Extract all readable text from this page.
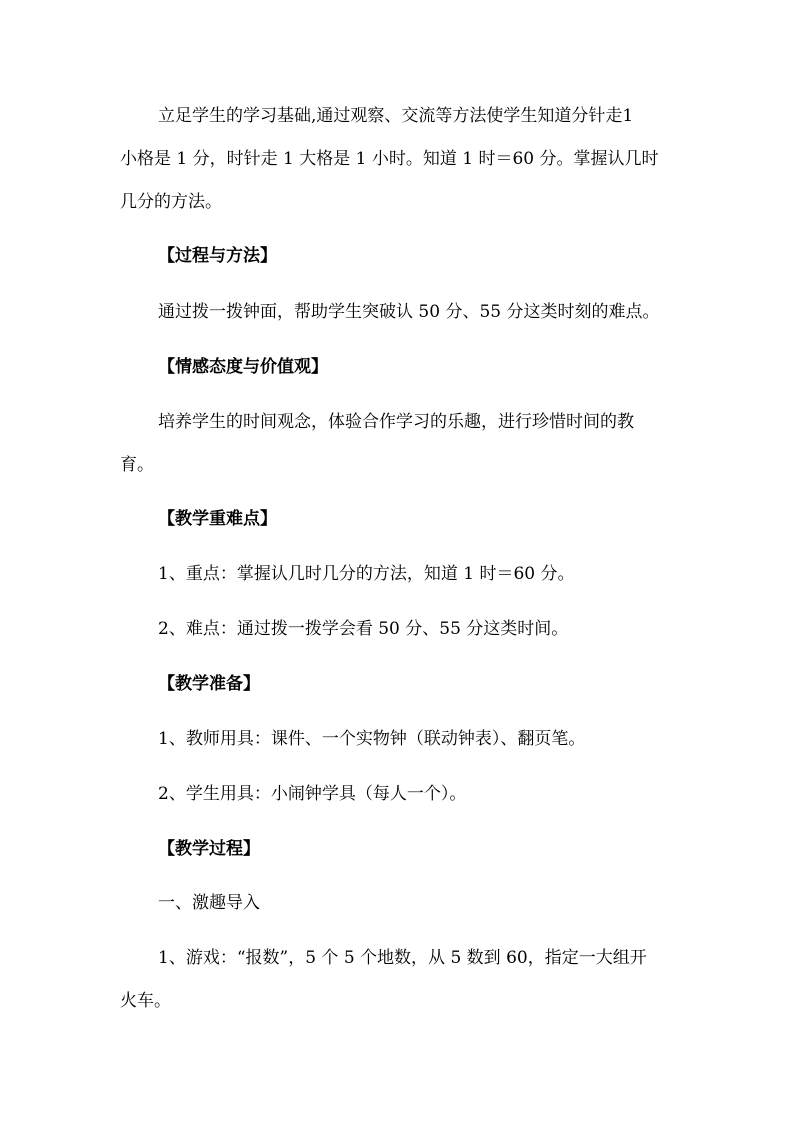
立足学生的学习基础,通过观察、交流等方法使学生知道分针走1

小格是 1 分，时针走 1 大格是 1 小时。知道 1 时＝60 分。掌握认几时

几分的方法。

【过程与方法】

通过拨一拨钟面，帮助学生突破认 50 分、55 分这类时刻的难点。

【情感态度与价值观】

培养学生的时间观念，体验合作学习的乐趣，进行珍惜时间的教

育。

【教学重难点】

1、重点：掌握认几时几分的方法，知道 1 时＝60 分。

2、难点：通过拨一拨学会看 50 分、55 分这类时间。

【教学准备】

1、教师用具：课件、一个实物钟（联动钟表）、翻页笔。

2、学生用具：小闹钟学具（每人一个）。

【教学过程】

一、激趣导入

1、游戏：“报数”，5 个 5 个地数，从 5 数到 60，指定一大组开

火车。
